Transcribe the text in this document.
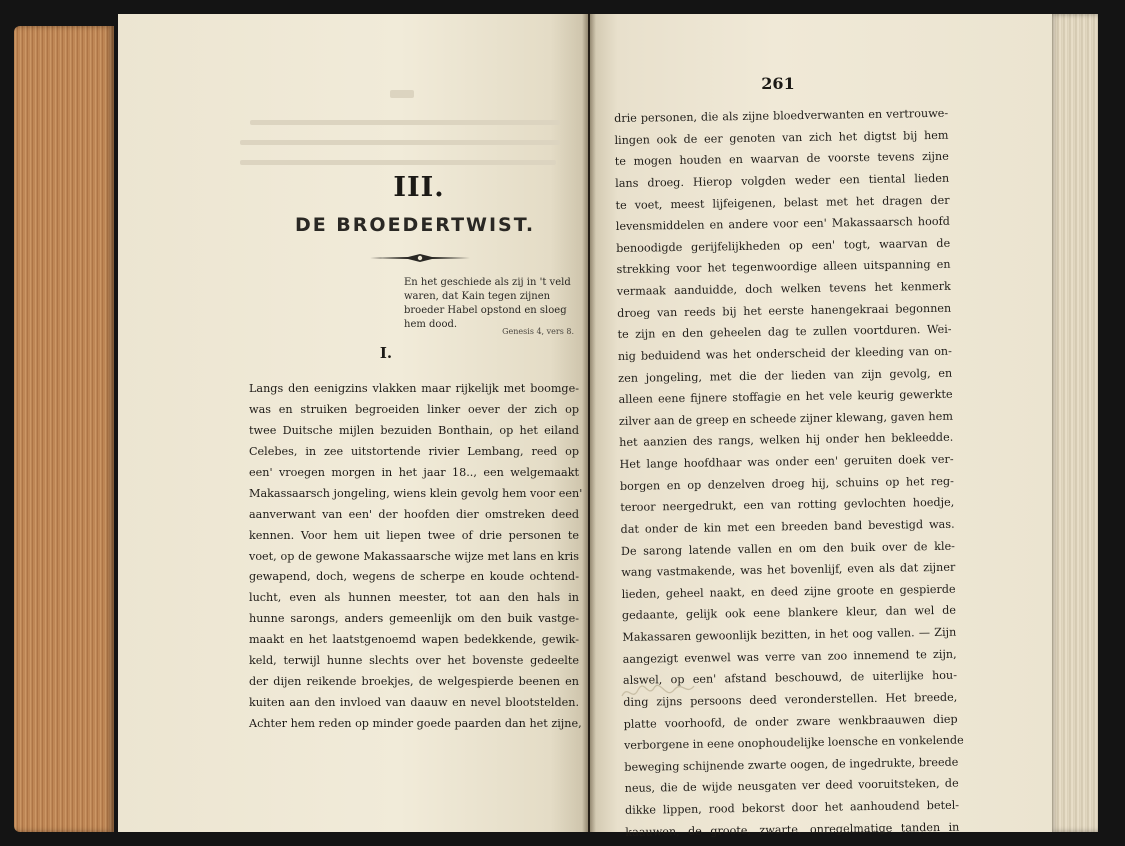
III.
DE BROEDERTWIST.
En het geschiede als zij in 't veld
waren, dat Kain tegen zijnen
broeder Habel opstond en sloeg
hem dood.
Genesis 4, vers 8.
I.
Langs den eenigzins vlakken maar rijkelijk met boomge-
was en struiken begroeiden linker oever der zich op
twee Duitsche mijlen bezuiden Bonthain, op het eiland
Celebes, in zee uitstortende rivier Lembang, reed op
een' vroegen morgen in het jaar 18.., een welgemaakt
Makassaarsch jongeling, wiens klein gevolg hem voor een'
aanverwant van een' der hoofden dier omstreken deed
kennen. Voor hem uit liepen twee of drie personen te
voet, op de gewone Makassaarsche wijze met lans en kris
gewapend, doch, wegens de scherpe en koude ochtend-
lucht, even als hunnen meester, tot aan den hals in
hunne sarongs, anders gemeenlijk om den buik vastge-
maakt en het laatstgenoemd wapen bedekkende, gewik-
keld, terwijl hunne slechts over het bovenste gedeelte
der dijen reikende broekjes, de welgespierde beenen en
kuiten aan den invloed van daauw en nevel blootstelden.
Achter hem reden op minder goede paarden dan het zijne,
261
drie personen, die als zijne bloedverwanten en vertrouwe-
lingen ook de eer genoten van zich het digtst bij hem
te mogen houden en waarvan de voorste tevens zijne
lans droeg. Hierop volgden weder een tiental lieden
te voet, meest lijfeigenen, belast met het dragen der
levensmiddelen en andere voor een' Makassaarsch hoofd
benoodigde gerijfelijkheden op een' togt, waarvan de
strekking voor het tegenwoordige alleen uitspanning en
vermaak aanduidde, doch welken tevens het kenmerk
droeg van reeds bij het eerste hanengekraai begonnen
te zijn en den geheelen dag te zullen voortduren. Wei-
nig beduidend was het onderscheid der kleeding van on-
zen jongeling, met die der lieden van zijn gevolg, en
alleen eene fijnere stoffagie en het vele keurig gewerkte
zilver aan de greep en scheede zijner klewang, gaven hem
het aanzien des rangs, welken hij onder hen bekleedde.
Het lange hoofdhaar was onder een' geruiten doek ver-
borgen en op denzelven droeg hij, schuins op het reg-
teroor neergedrukt, een van rotting gevlochten hoedje,
dat onder de kin met een breeden band bevestigd was.
De sarong latende vallen en om den buik over de kle-
wang vastmakende, was het bovenlijf, even als dat zijner
lieden, geheel naakt, en deed zijne groote en gespierde
gedaante, gelijk ook eene blankere kleur, dan wel de
Makassaren gewoonlijk bezitten, in het oog vallen. — Zijn
aangezigt evenwel was verre van zoo innemend te zijn,
alswel, op een' afstand beschouwd, de uiterlijke hou-
ding zijns persoons deed veronderstellen. Het breede,
platte voorhoofd, de onder zware wenkbraauwen diep
verborgene in eene onophoudelijke loensche en vonkelende
beweging schijnende zwarte oogen, de ingedrukte, breede
neus, die de wijde neusgaten ver deed vooruitsteken, de
dikke lippen, rood bekorst door het aanhoudend betel-
kaauwen, de groote, zwarte, onregelmatige tanden in
